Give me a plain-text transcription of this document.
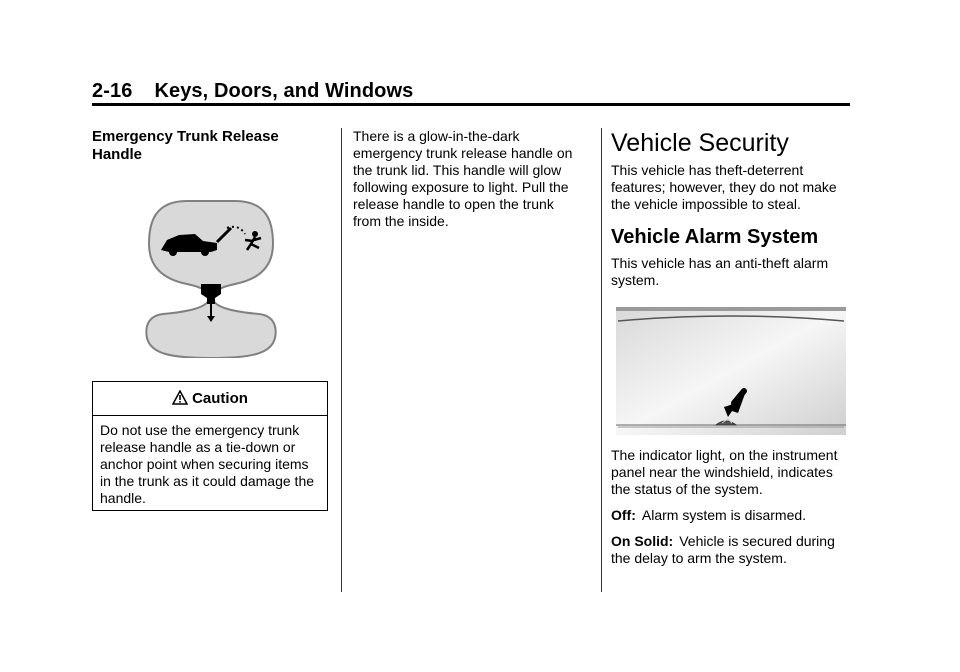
2-16 Keys, Doors, and Windows

Emergency Trunk Release Handle

Caution
Do not use the emergency trunk release handle as a tie-down or anchor point when securing items in the trunk as it could damage the handle.

There is a glow-in-the-dark emergency trunk release handle on the trunk lid. This handle will glow following exposure to light. Pull the release handle to open the trunk from the inside.

Vehicle Security

This vehicle has theft-deterrent features; however, they do not make the vehicle impossible to steal.

Vehicle Alarm System

This vehicle has an anti-theft alarm system.

The indicator light, on the instrument panel near the windshield, indicates the status of the system.

Off: Alarm system is disarmed.

On Solid: Vehicle is secured during the delay to arm the system.
